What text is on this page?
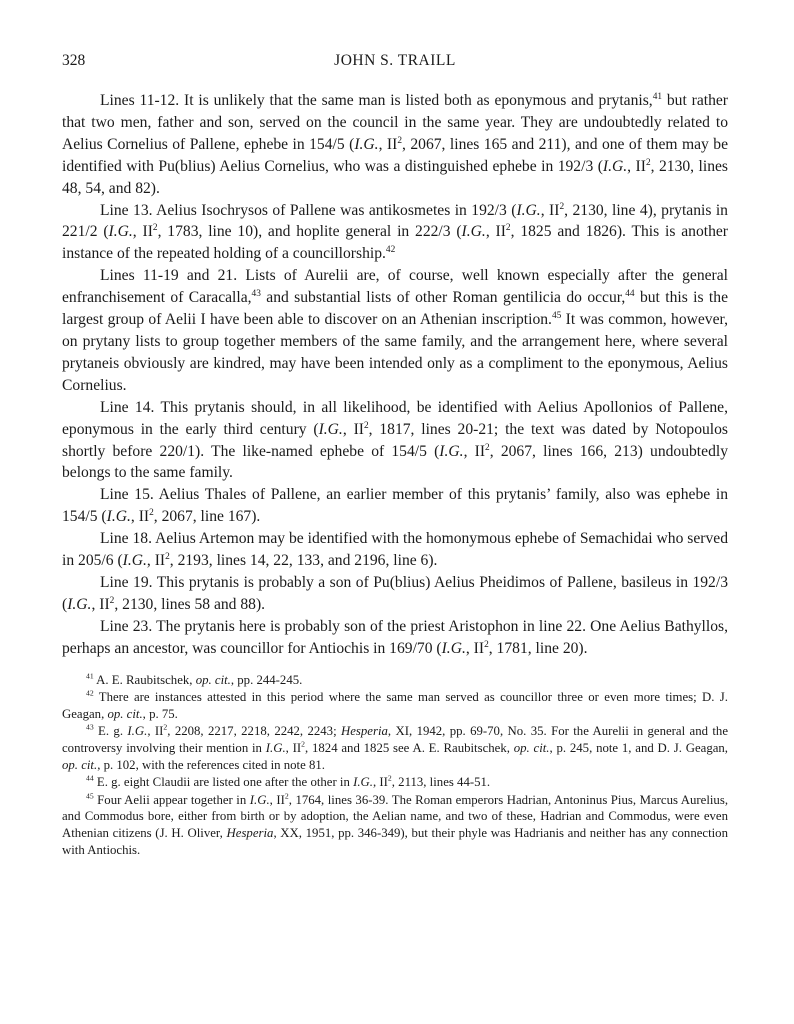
328	JOHN S. TRAILL

Lines 11-12. It is unlikely that the same man is listed both as eponymous and prytanis,$^{41}$ but rather that two men, father and son, served on the council in the same year. They are undoubtedly related to Aelius Cornelius of Pallene, ephebe in 154/5 (I.G., $II^2$, 2067, lines 165 and 211), and one of them may be identified with Pu(blius) Aelius Cornelius, who was a distinguished ephebe in 192/3 (I.G., $II^2$, 2130, lines 48, 54, and 82).

Line 13. Aelius Isochrysos of Pallene was antikosmetes in 192/3 (I.G., $II^2$, 2130, line 4), prytanis in 221/2 (I.G., $II^2$, 1783, line 10), and hoplite general in 222/3 (I.G., $II^2$, 1825 and 1826). This is another instance of the repeated holding of a councillorship.$^{42}$

Lines 11-19 and 21. Lists of Aurelii are, of course, well known especially after the general enfranchisement of Caracalla,$^{43}$ and substantial lists of other Roman gentilicia do occur,$^{44}$ but this is the largest group of Aelii I have been able to discover on an Athenian inscription.$^{45}$ It was common, however, on prytany lists to group together members of the same family, and the arrangement here, where several prytaneis obviously are kindred, may have been intended only as a compliment to the eponymous, Aelius Cornelius.

Line 14. This prytanis should, in all likelihood, be identified with Aelius Apollonios of Pallene, eponymous in the early third century (I.G., $II^2$, 1817, lines 20-21; the text was dated by Notopoulos shortly before 220/1). The like-named ephebe of 154/5 (I.G., $II^2$, 2067, lines 166, 213) undoubtedly belongs to the same family.

Line 15. Aelius Thales of Pallene, an earlier member of this prytanis’ family, also was ephebe in 154/5 (I.G., $II^2$, 2067, line 167).

Line 18. Aelius Artemon may be identified with the homonymous ephebe of Semachidai who served in 205/6 (I.G., $II^2$, 2193, lines 14, 22, 133, and 2196, line 6).

Line 19. This prytanis is probably a son of Pu(blius) Aelius Pheidimos of Pallene, basileus in 192/3 (I.G., $II^2$, 2130, lines 58 and 88).

Line 23. The prytanis here is probably son of the priest Aristophon in line 22. One Aelius Bathyllos, perhaps an ancestor, was councillor for Antiochis in 169/70 (I.G., $II^2$, 1781, line 20).

$^{41}$ A. E. Raubitschek, op. cit., pp. 244-245.

$^{42}$ There are instances attested in this period where the same man served as councillor three or even more times; D. J. Geagan, op. cit., p. 75.

$^{43}$ E. g. I.G., $II^2$, 2208, 2217, 2218, 2242, 2243; Hesperia, XI, 1942, pp. 69-70, No. 35. For the Aurelii in general and the controversy involving their mention in I.G., $II^2$, 1824 and 1825 see A. E. Raubitschek, op. cit., p. 245, note 1, and D. J. Geagan, op. cit., p. 102, with the references cited in note 81.

$^{44}$ E. g. eight Claudii are listed one after the other in I.G., $II^2$, 2113, lines 44-51.

$^{45}$ Four Aelii appear together in I.G., $II^2$, 1764, lines 36-39. The Roman emperors Hadrian, Antoninus Pius, Marcus Aurelius, and Commodus bore, either from birth or by adoption, the Aelian name, and two of these, Hadrian and Commodus, were even Athenian citizens (J. H. Oliver, Hesperia, XX, 1951, pp. 346-349), but their phyle was Hadrianis and neither has any connection with Antiochis.
